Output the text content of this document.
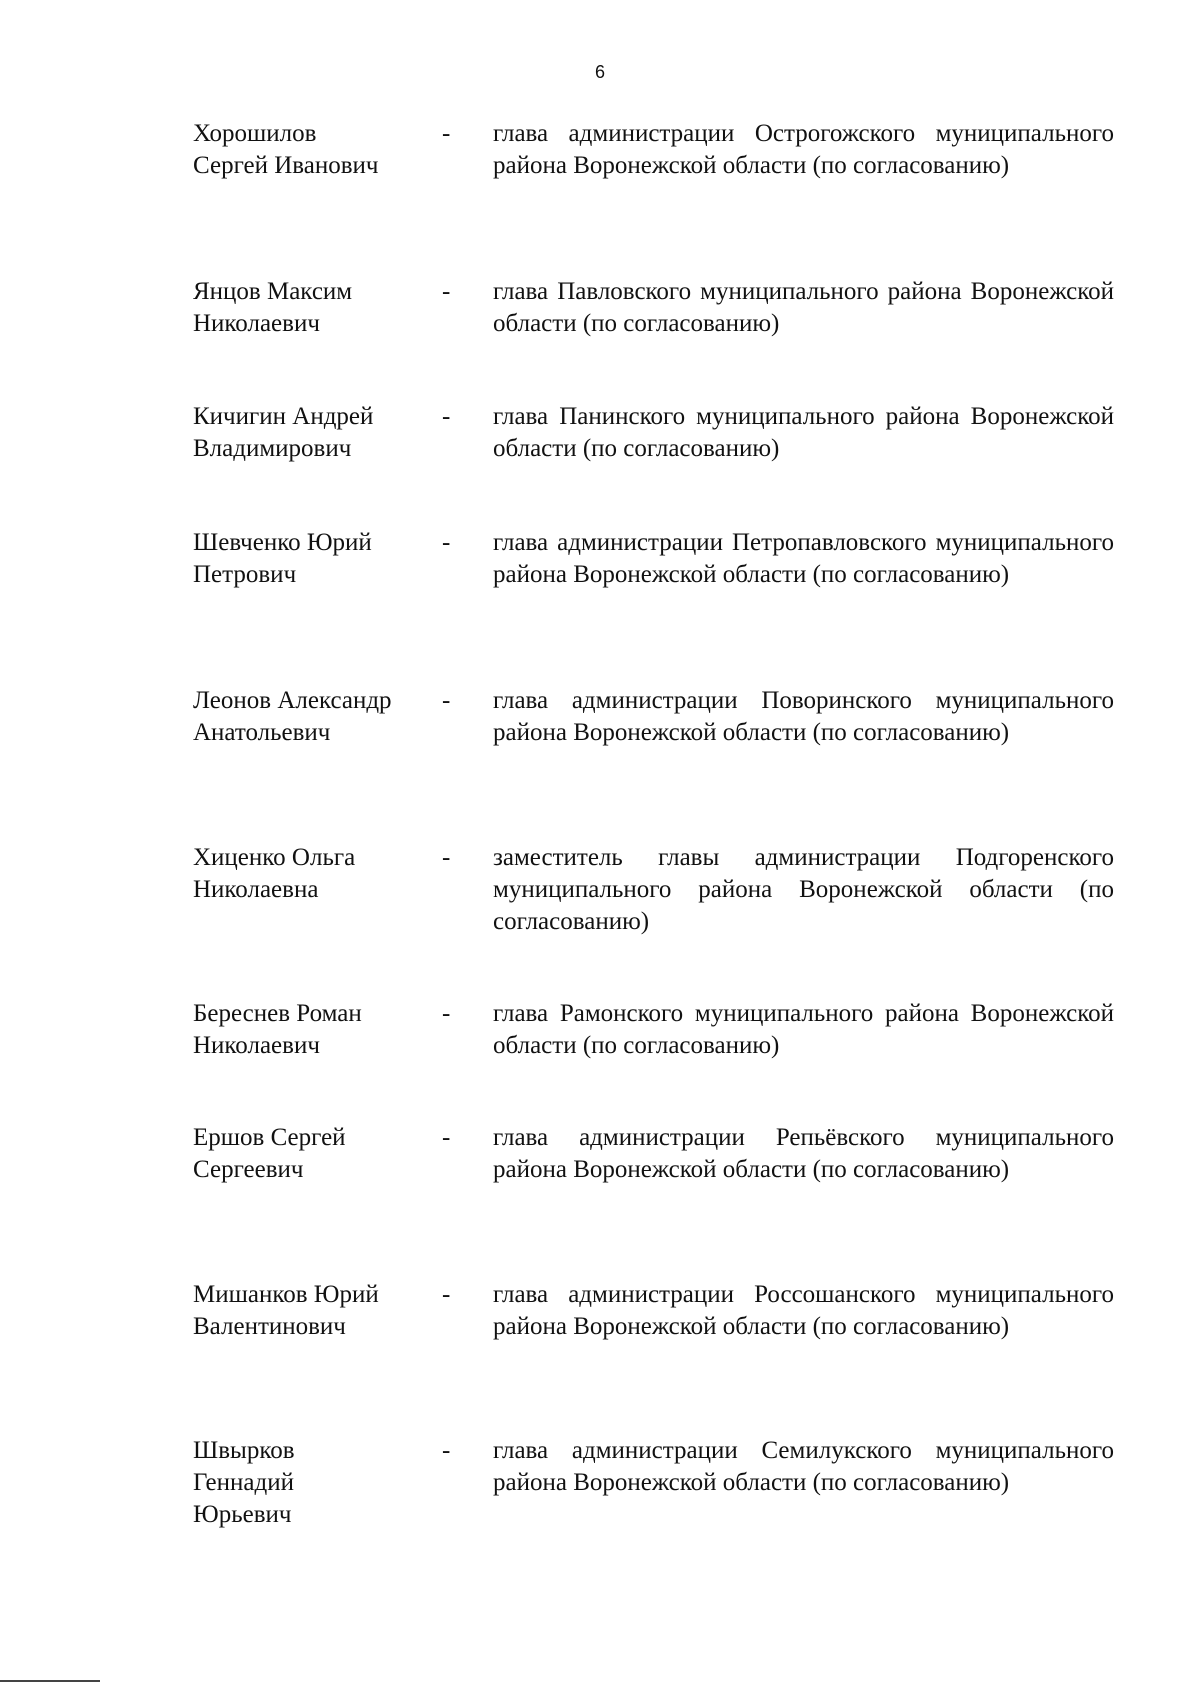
6
Хорошилов
Сергей Иванович
- глава администрации Острогожского муниципального района Воронежской области (по согласованию)
Янцов Максим
Николаевич
- глава Павловского муниципального района Воронежской области (по согласованию)
Кичигин Андрей
Владимирович
- глава Панинского муниципального района Воронежской области (по согласованию)
Шевченко Юрий
Петрович
- глава администрации Петропавловского муниципального района Воронежской области (по согласованию)
Леонов Александр
Анатольевич
- глава администрации Поворинского муниципального района Воронежской области (по согласованию)
Хиценко Ольга
Николаевна
- заместитель главы администрации Подгоренского муниципального района Воронежской области (по согласованию)
Береснев Роман
Николаевич
- глава Рамонского муниципального района Воронежской области (по согласованию)
Ершов Сергей
Сергеевич
- глава администрации Репьёвского муниципального района Воронежской области (по согласованию)
Мишанков Юрий
Валентинович
- глава администрации Россошанского муниципального района Воронежской области (по согласованию)
Швырков
Геннадий
Юрьевич
- глава администрации Семилукского муниципального района Воронежской области (по согласованию)
